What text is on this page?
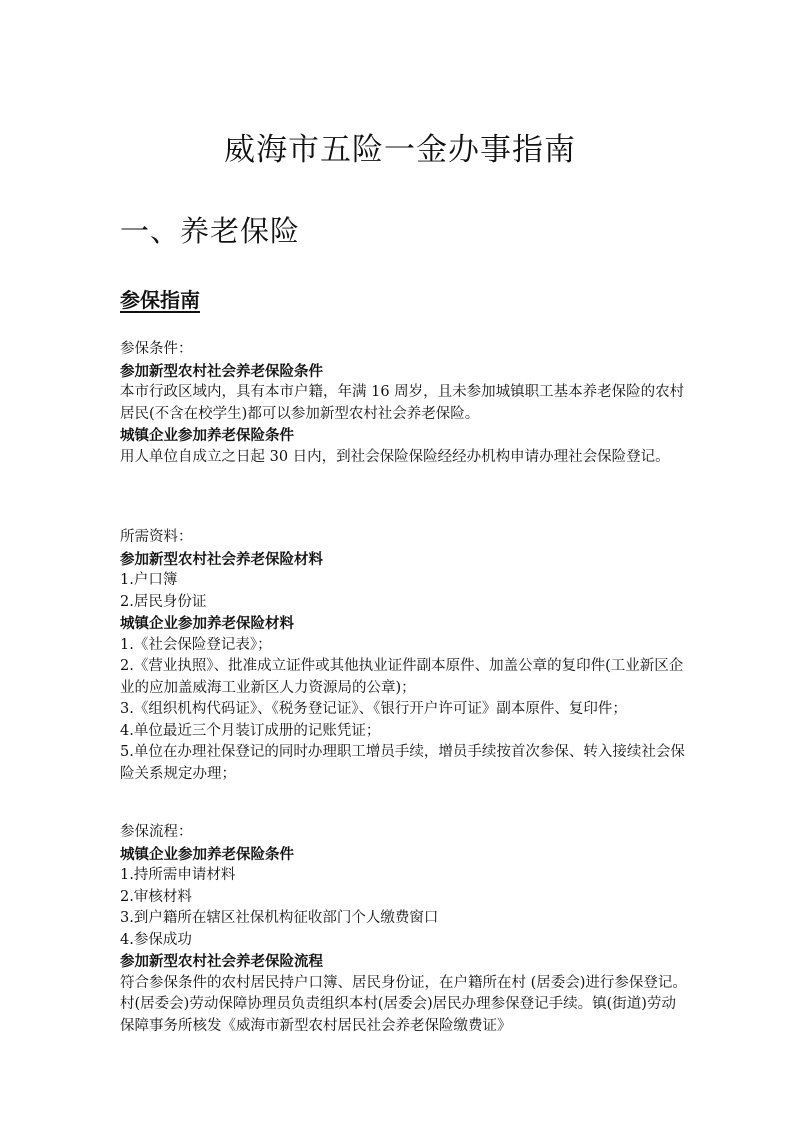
威海市五险一金办事指南
一、养老保险
参保指南

参保条件：

参加新型农村社会养老保险条件

本市行政区域内，具有本市户籍，年满 16 周岁，且未参加城镇职工基本养老保险的农村居民(不含在校学生)都可以参加新型农村社会养老保险。

城镇企业参加养老保险条件

用人单位自成立之日起 30 日内，到社会保险保险经经办机构申请办理社会保险登记。

所需资料：

参加新型农村社会养老保险材料

1.户口簿

2.居民身份证

城镇企业参加养老保险材料

1.《社会保险登记表》；

2.《营业执照》、批准成立证件或其他执业证件副本原件、加盖公章的复印件(工业新区企业的应加盖威海工业新区人力资源局的公章)；

3.《组织机构代码证》、《税务登记证》、《银行开户许可证》副本原件、复印件；

4.单位最近三个月装订成册的记账凭证；

5.单位在办理社保登记的同时办理职工增员手续，增员手续按首次参保、转入接续社会保险关系规定办理；

参保流程：

城镇企业参加养老保险条件

1.持所需申请材料

2.审核材料

3.到户籍所在辖区社保机构征收部门个人缴费窗口

4.参保成功

参加新型农村社会养老保险流程

符合参保条件的农村居民持户口簿、居民身份证，在户籍所在村 (居委会)进行参保登记。村(居委会)劳动保障协理员负责组织本村(居委会)居民办理参保登记手续。镇(街道)劳动保障事务所核发《威海市新型农村居民社会养老保险缴费证》
